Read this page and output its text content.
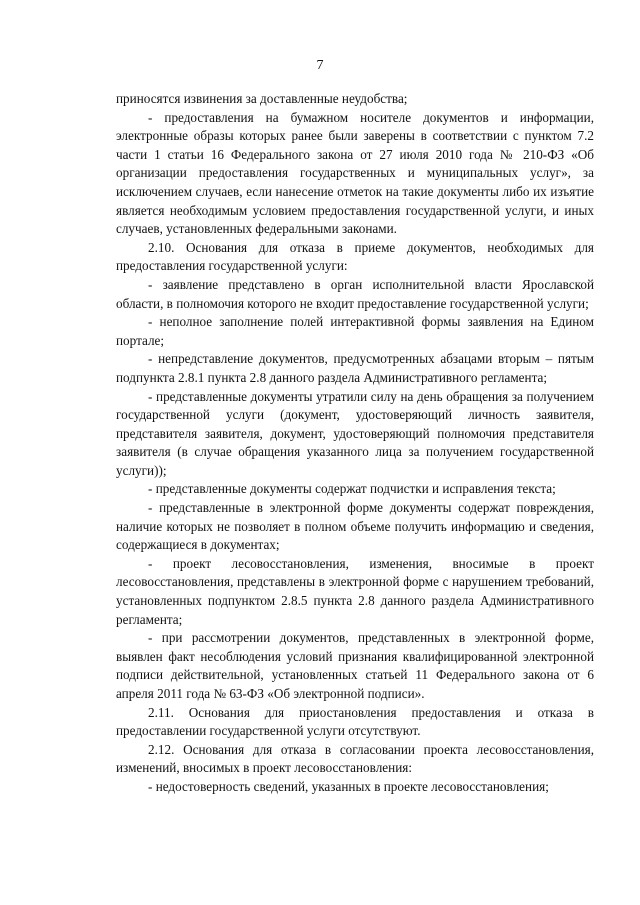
7

приносятся извинения за доставленные неудобства;

- предоставления на бумажном носителе документов и информации, электронные образы которых ранее были заверены в соответствии с пунктом 7.2 части 1 статьи 16 Федерального закона от 27 июля 2010 года № 210-ФЗ «Об организации предоставления государственных и муниципальных услуг», за исключением случаев, если нанесение отметок на такие документы либо их изъятие является необходимым условием предоставления государственной услуги, и иных случаев, установленных федеральными законами.

2.10. Основания для отказа в приеме документов, необходимых для предоставления государственной услуги:

- заявление представлено в орган исполнительной власти Ярославской области, в полномочия которого не входит предоставление государственной услуги;

- неполное заполнение полей интерактивной формы заявления на Едином портале;

- непредставление документов, предусмотренных абзацами вторым – пятым подпункта 2.8.1 пункта 2.8 данного раздела Административного регламента;

- представленные документы утратили силу на день обращения за получением государственной услуги (документ, удостоверяющий личность заявителя, представителя заявителя, документ, удостоверяющий полномочия представителя заявителя (в случае обращения указанного лица за получением государственной услуги));

- представленные документы содержат подчистки и исправления текста;

- представленные в электронной форме документы содержат повреждения, наличие которых не позволяет в полном объеме получить информацию и сведения, содержащиеся в документах;

- проект лесовосстановления, изменения, вносимые в проект лесовосстановления, представлены в электронной форме с нарушением требований, установленных подпунктом 2.8.5 пункта 2.8 данного раздела Административного регламента;

- при рассмотрении документов, представленных в электронной форме, выявлен факт несоблюдения условий признания квалифицированной электронной подписи действительной, установленных статьей 11 Федерального закона от 6 апреля 2011 года № 63-ФЗ «Об электронной подписи».

2.11. Основания для приостановления предоставления и отказа в предоставлении государственной услуги отсутствуют.

2.12. Основания для отказа в согласовании проекта лесовосстановления, изменений, вносимых в проект лесовосстановления:

- недостоверность сведений, указанных в проекте лесовосстановления;
